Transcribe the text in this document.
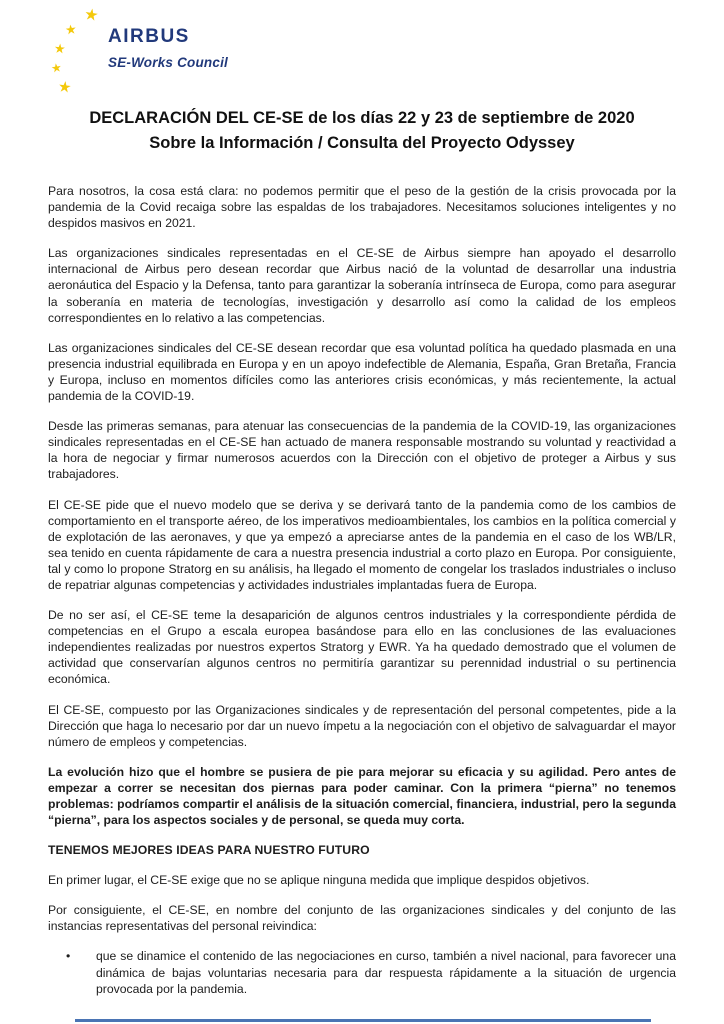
★
★
★
★
★
AIRBUS
SE-Works Council
DECLARACIÓN DEL CE-SE de los días 22 y 23 de septiembre de 2020
Sobre la Información / Consulta del Proyecto Odyssey

Para nosotros, la cosa está clara: no podemos permitir que el peso de la gestión de la crisis provocada por la pandemia de la Covid recaiga sobre las espaldas de los trabajadores. Necesitamos soluciones inteligentes y no despidos masivos en 2021.

Las organizaciones sindicales representadas en el CE-SE de Airbus siempre han apoyado el desarrollo internacional de Airbus pero desean recordar que Airbus nació de la voluntad de desarrollar una industria aeronáutica del Espacio y la Defensa, tanto para garantizar la soberanía intrínseca de Europa, como para asegurar la soberanía en materia de tecnologías, investigación y desarrollo así como la calidad de los empleos correspondientes en lo relativo a las competencias.

Las organizaciones sindicales del CE-SE desean recordar que esa voluntad política ha quedado plasmada en una presencia industrial equilibrada en Europa y en un apoyo indefectible de Alemania, España, Gran Bretaña, Francia y Europa, incluso en momentos difíciles como las anteriores crisis económicas, y más recientemente, la actual pandemia de la COVID-19.

Desde las primeras semanas, para atenuar las consecuencias de la pandemia de la COVID-19, las organizaciones sindicales representadas en el CE-SE han actuado de manera responsable mostrando su voluntad y reactividad a la hora de negociar y firmar numerosos acuerdos con la Dirección con el objetivo de proteger a Airbus y sus trabajadores.

El CE-SE pide que el nuevo modelo que se deriva y se derivará tanto de la pandemia como de los cambios de comportamiento en el transporte aéreo, de los imperativos medioambientales, los cambios en la política comercial y de explotación de las aeronaves, y que ya empezó a apreciarse antes de la pandemia en el caso de los WB/LR, sea tenido en cuenta rápidamente de cara a nuestra presencia industrial a corto plazo en Europa. Por consiguiente, tal y como lo propone Stratorg en su análisis, ha llegado el momento de congelar los traslados industriales o incluso de repatriar algunas competencias y actividades industriales implantadas fuera de Europa.

De no ser así, el CE-SE teme la desaparición de algunos centros industriales y la correspondiente pérdida de competencias en el Grupo a escala europea basándose para ello en las conclusiones de las evaluaciones independientes realizadas por nuestros expertos Stratorg y EWR. Ya ha quedado demostrado que el volumen de actividad que conservarían algunos centros no permitiría garantizar su perennidad industrial o su pertinencia económica.

El CE-SE, compuesto por las Organizaciones sindicales y de representación del personal competentes, pide a la Dirección que haga lo necesario por dar un nuevo ímpetu a la negociación con el objetivo de salvaguardar el mayor número de empleos y competencias.

La evolución hizo que el hombre se pusiera de pie para mejorar su eficacia y su agilidad. Pero antes de empezar a correr se necesitan dos piernas para poder caminar. Con la primera “pierna” no tenemos problemas: podríamos compartir el análisis de la situación comercial, financiera, industrial, pero la segunda “pierna”, para los aspectos sociales y de personal, se queda muy corta.

TENEMOS MEJORES IDEAS PARA NUESTRO FUTURO

En primer lugar, el CE-SE exige que no se aplique ninguna medida que implique despidos objetivos.

Por consiguiente, el CE-SE, en nombre del conjunto de las organizaciones sindicales y del conjunto de las instancias representativas del personal reivindica:

•	que se dinamice el contenido de las negociaciones en curso, también a nivel nacional, para favorecer una dinámica de bajas voluntarias necesaria para dar respuesta rápidamente a la situación de urgencia provocada por la pandemia.
